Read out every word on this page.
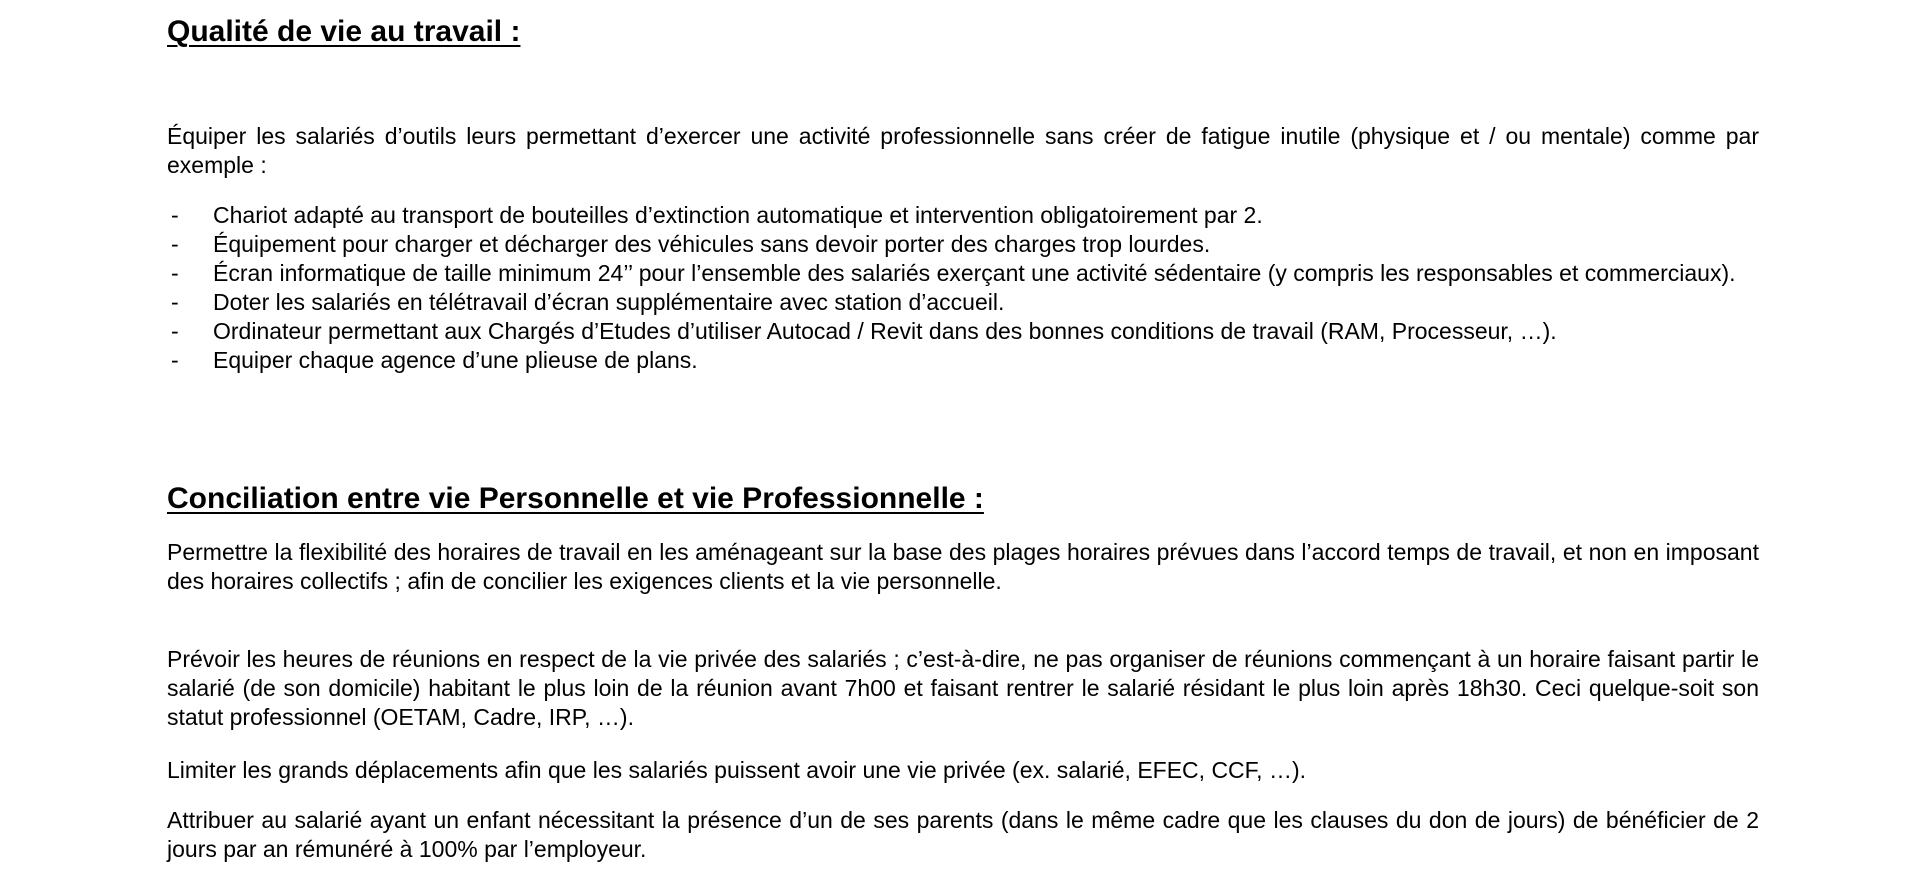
Qualité de vie au travail :

Équiper les salariés d’outils leurs permettant d’exercer une activité professionnelle sans créer de fatigue inutile (physique et / ou mentale) comme par exemple :

- Chariot adapté au transport de bouteilles d’extinction automatique et intervention obligatoirement par 2.
- Équipement pour charger et décharger des véhicules sans devoir porter des charges trop lourdes.
- Écran informatique de taille minimum 24’’ pour l’ensemble des salariés exerçant une activité sédentaire (y compris les responsables et commerciaux).
- Doter les salariés en télétravail d’écran supplémentaire avec station d’accueil.
- Ordinateur permettant aux Chargés d’Etudes d’utiliser Autocad / Revit dans des bonnes conditions de travail (RAM, Processeur, …).
- Equiper chaque agence d’une plieuse de plans.
Conciliation entre vie Personnelle et vie Professionnelle :

Permettre la flexibilité des horaires de travail en les aménageant sur la base des plages horaires prévues dans l’accord temps de travail, et non en imposant des horaires collectifs ; afin de concilier les exigences clients et la vie personnelle.

Prévoir les heures de réunions en respect de la vie privée des salariés ; c’est-à-dire, ne pas organiser de réunions commençant à un horaire faisant partir le salarié (de son domicile) habitant le plus loin de la réunion avant 7h00 et faisant rentrer le salarié résidant le plus loin après 18h30. Ceci quelque-soit son statut professionnel (OETAM, Cadre, IRP, …).

Limiter les grands déplacements afin que les salariés puissent avoir une vie privée (ex. salarié, EFEC, CCF, …).

Attribuer au salarié ayant un enfant nécessitant la présence d’un de ses parents (dans le même cadre que les clauses du don de jours) de bénéficier de 2 jours par an rémunéré à 100% par l’employeur.
